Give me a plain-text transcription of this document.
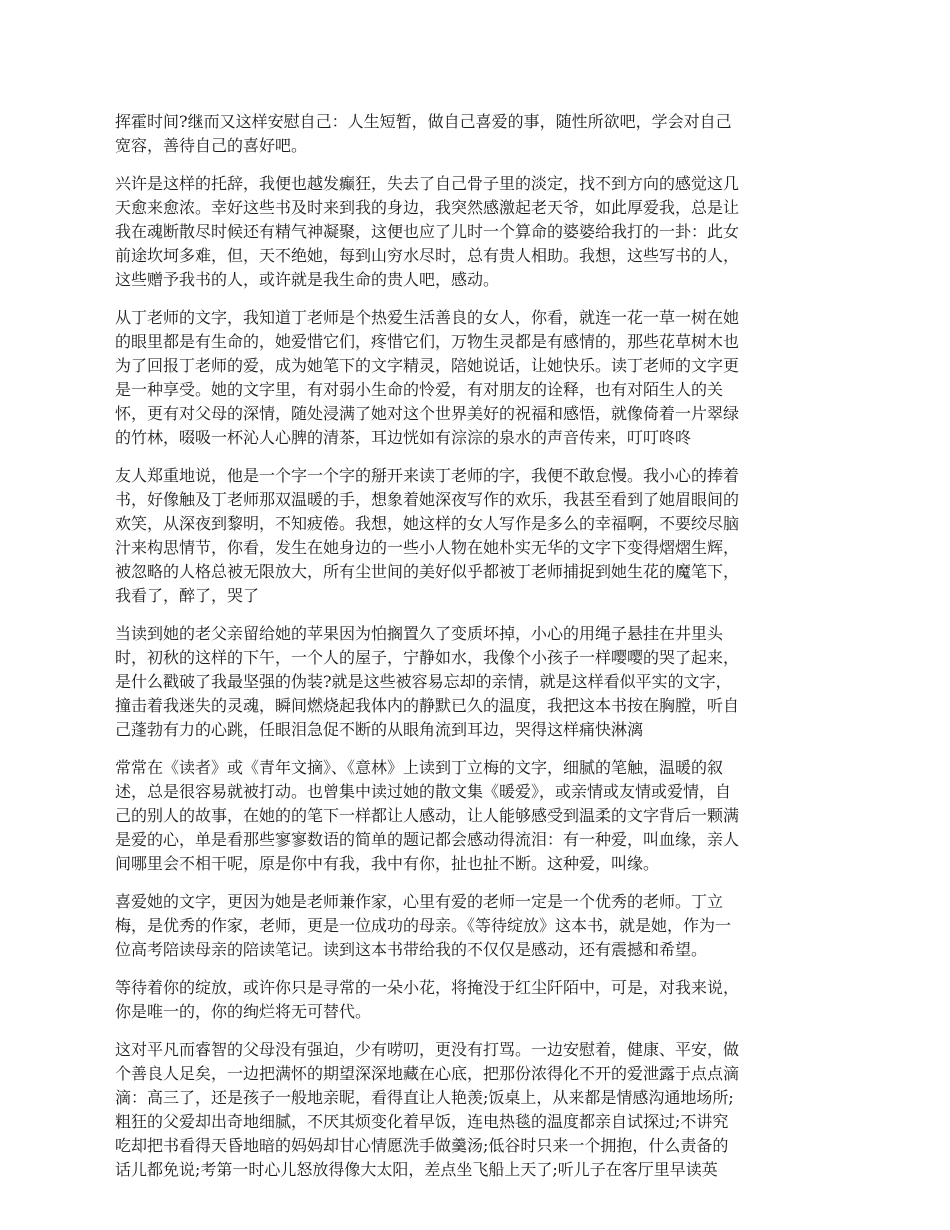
挥霍时间?继而又这样安慰自己：人生短暂，做自己喜爱的事，随性所欲吧，学会对自己
宽容，善待自己的喜好吧。

兴许是这样的托辞，我便也越发癫狂，失去了自己骨子里的淡定，找不到方向的感觉这几
天愈来愈浓。幸好这些书及时来到我的身边，我突然感激起老天爷，如此厚爱我，总是让
我在魂断散尽时候还有精气神凝聚，这便也应了儿时一个算命的婆婆给我打的一卦：此女
前途坎坷多难，但，天不绝她，每到山穷水尽时，总有贵人相助。我想，这些写书的人，
这些赠予我书的人，或许就是我生命的贵人吧，感动。

从丁老师的文字，我知道丁老师是个热爱生活善良的女人，你看，就连一花一草一树在她
的眼里都是有生命的，她爱惜它们，疼惜它们，万物生灵都是有感情的，那些花草树木也
为了回报丁老师的爱，成为她笔下的文字精灵，陪她说话，让她快乐。读丁老师的文字更
是一种享受。她的文字里，有对弱小生命的怜爱，有对朋友的诠释，也有对陌生人的关
怀，更有对父母的深情，随处浸满了她对这个世界美好的祝福和感悟，就像倚着一片翠绿
的竹林，啜吸一杯沁人心脾的清茶，耳边恍如有淙淙的泉水的声音传来，叮叮咚咚

友人郑重地说，他是一个字一个字的掰开来读丁老师的字，我便不敢怠慢。我小心的捧着
书，好像触及丁老师那双温暖的手，想象着她深夜写作的欢乐，我甚至看到了她眉眼间的
欢笑，从深夜到黎明，不知疲倦。我想，她这样的女人写作是多么的幸福啊，不要绞尽脑
汁来构思情节，你看，发生在她身边的一些小人物在她朴实无华的文字下变得熠熠生辉，
被忽略的人格总被无限放大，所有尘世间的美好似乎都被丁老师捕捉到她生花的魔笔下，
我看了，醉了，哭了

当读到她的老父亲留给她的苹果因为怕搁置久了变质坏掉，小心的用绳子悬挂在井里头
时，初秋的这样的下午，一个人的屋子，宁静如水，我像个小孩子一样嘤嘤的哭了起来，
是什么戳破了我最坚强的伪装?就是这些被容易忘却的亲情，就是这样看似平实的文字，
撞击着我迷失的灵魂，瞬间燃烧起我体内的静默已久的温度，我把这本书按在胸膛，听自
己蓬勃有力的心跳，任眼泪急促不断的从眼角流到耳边，哭得这样痛快淋漓

常常在《读者》或《青年文摘》、《意林》上读到丁立梅的文字，细腻的笔触，温暖的叙
述，总是很容易就被打动。也曾集中读过她的散文集《暖爱》，或亲情或友情或爱情，自
己的别人的故事，在她的的笔下一样都让人感动，让人能够感受到温柔的文字背后一颗满
是爱的心，单是看那些寥寥数语的简单的题记都会感动得流泪：有一种爱，叫血缘，亲人
间哪里会不相干呢，原是你中有我，我中有你，扯也扯不断。这种爱，叫缘。

喜爱她的文字，更因为她是老师兼作家，心里有爱的老师一定是一个优秀的老师。丁立
梅，是优秀的作家，老师，更是一位成功的母亲。《等待绽放》这本书，就是她，作为一
位高考陪读母亲的陪读笔记。读到这本书带给我的不仅仅是感动，还有震撼和希望。

等待着你的绽放，或许你只是寻常的一朵小花，将掩没于红尘阡陌中，可是，对我来说，
你是唯一的，你的绚烂将无可替代。

这对平凡而睿智的父母没有强迫，少有唠叨，更没有打骂。一边安慰着，健康、平安，做
个善良人足矣，一边把满怀的期望深深地藏在心底，把那份浓得化不开的爱泄露于点点滴
滴：高三了，还是孩子一般地亲昵，看得直让人艳羡;饭桌上，从来都是情感沟通地场所;
粗狂的父爱却出奇地细腻，不厌其烦变化着早饭，连电热毯的温度都亲自试探过;不讲究
吃却把书看得天昏地暗的妈妈却甘心情愿洗手做羹汤;低谷时只来一个拥抱，什么责备的
话儿都免说;考第一时心儿怒放得像大太阳，差点坐飞船上天了;听儿子在客厅里早读英
